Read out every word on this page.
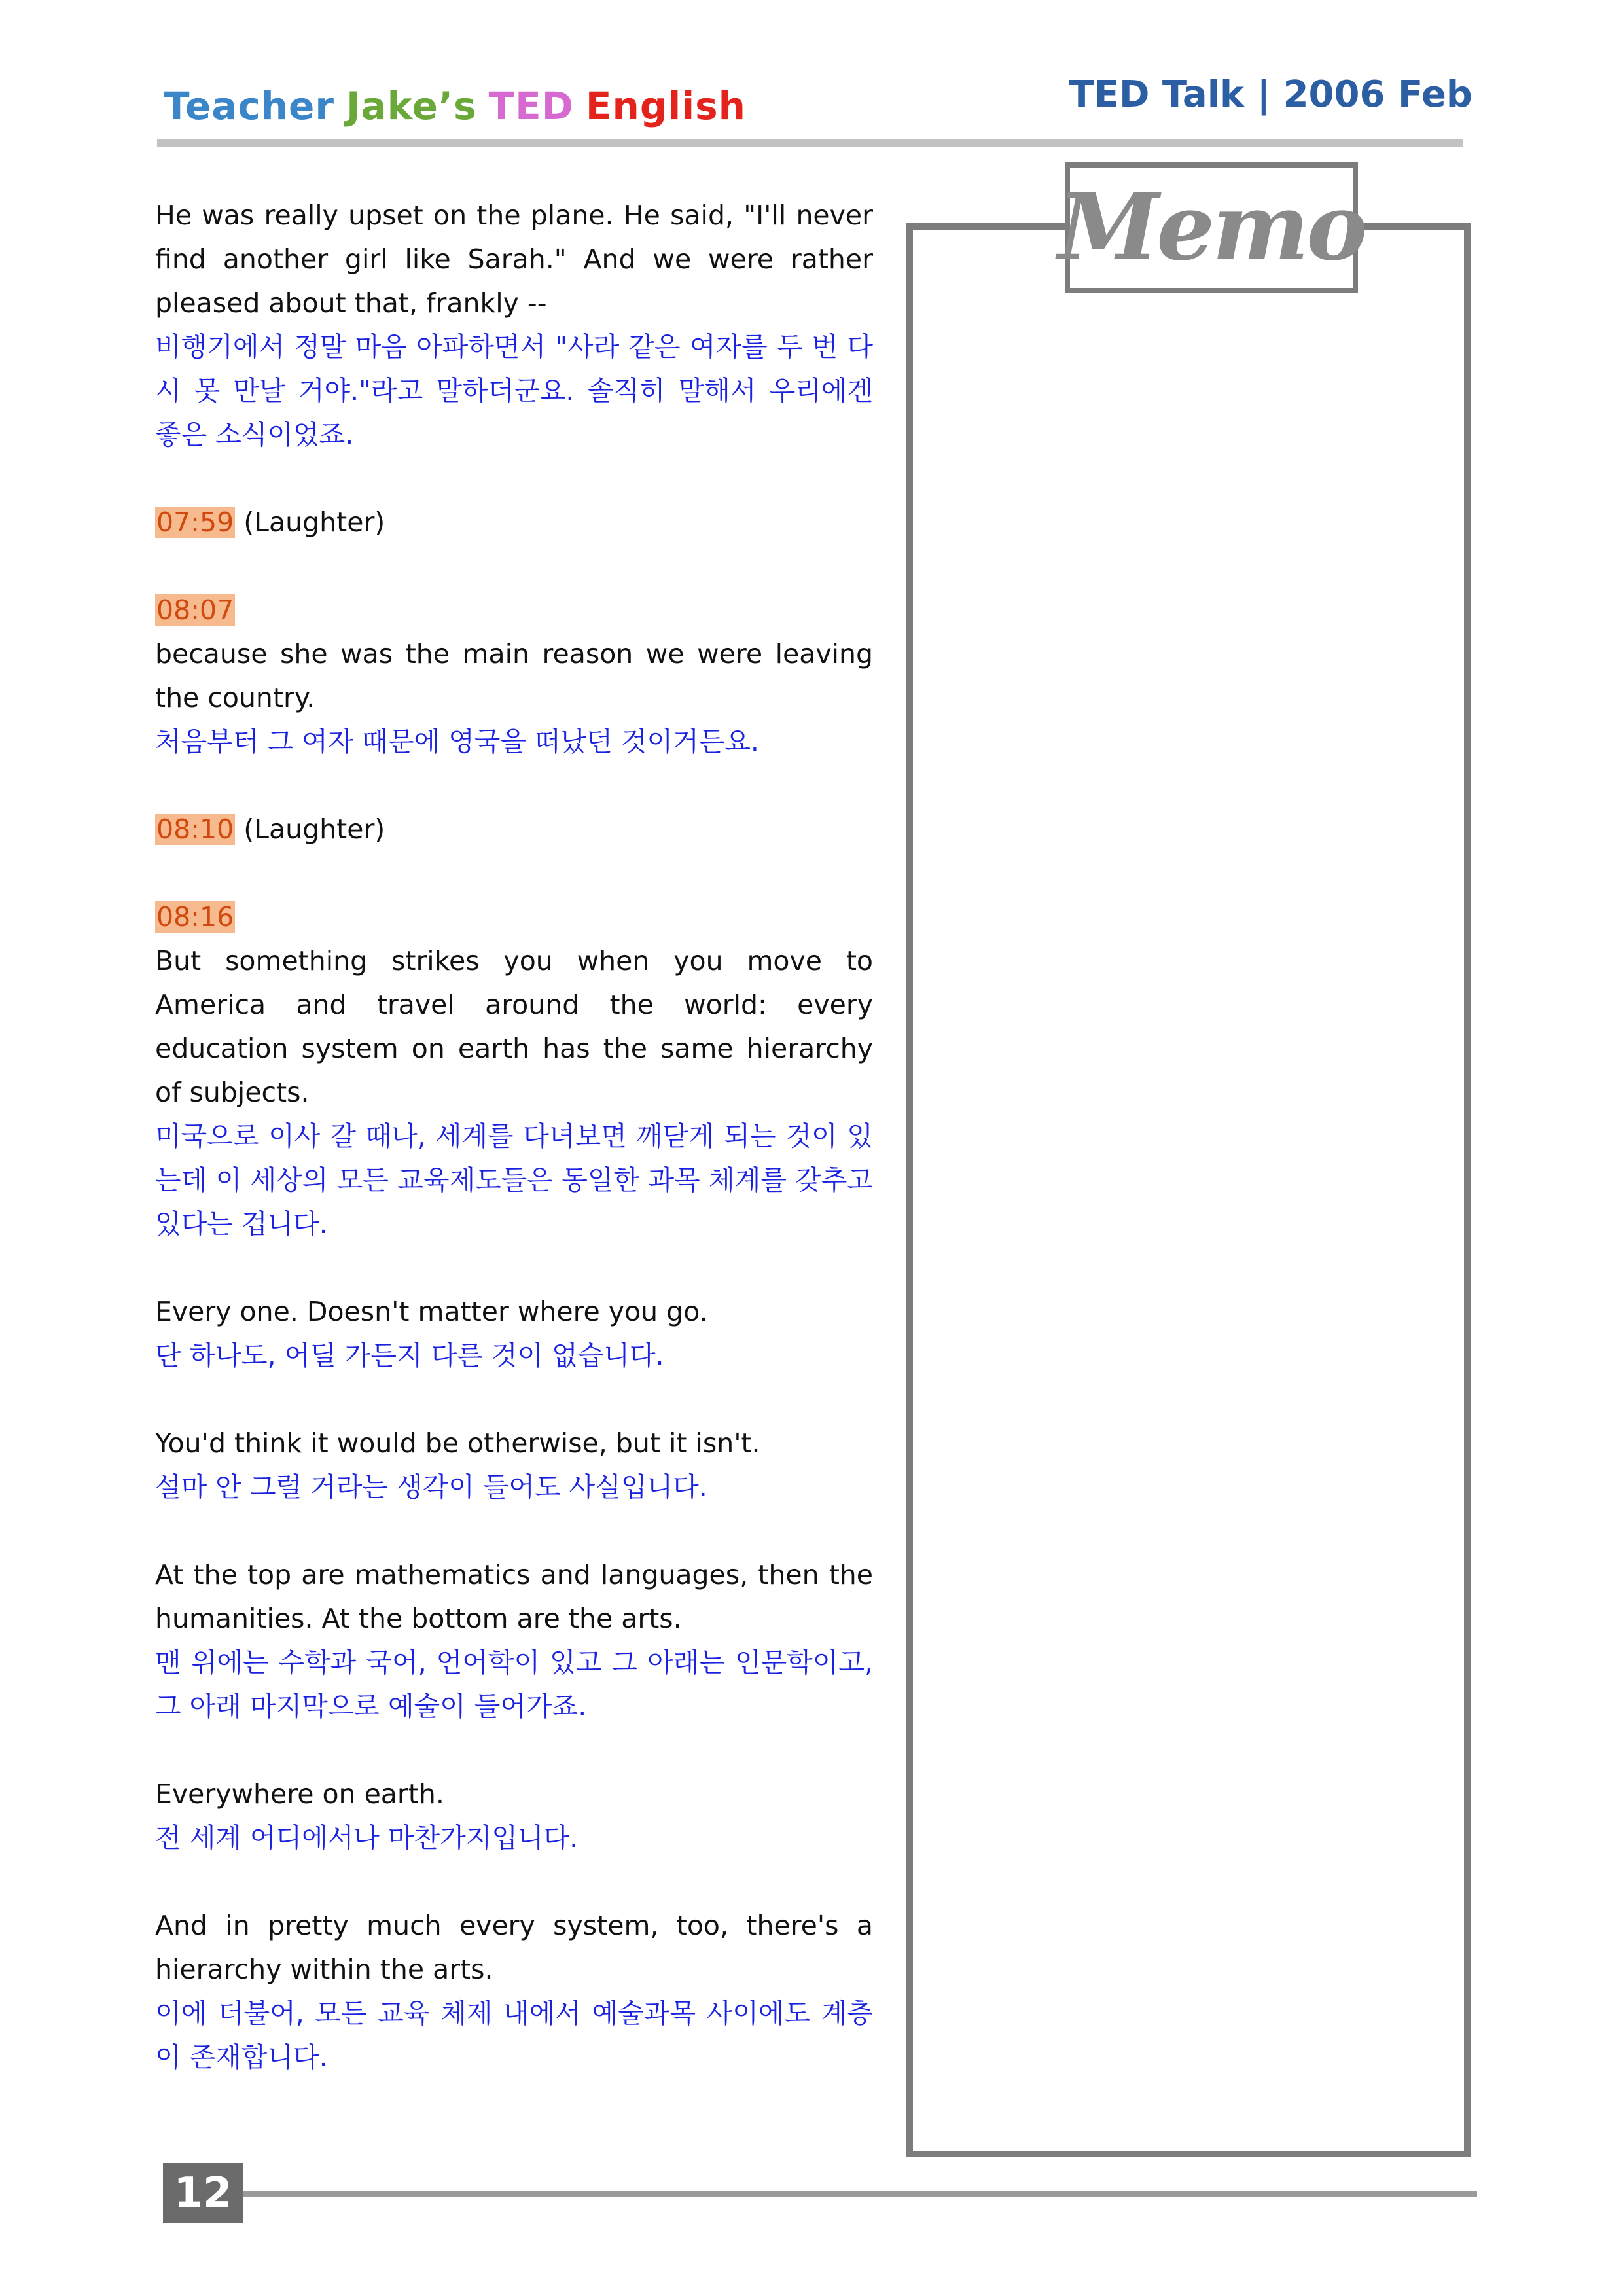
Teacher Jake’s TED English	TED Talk | 2006 Feb

He was really upset on the plane. He said, "I'll never find another girl like Sarah." And we were rather pleased about that, frankly --

비행기에서 정말 마음 아파하면서 "사라 같은 여자를 두 번 다시 못 만날 거야."라고 말하더군요. 솔직히 말해서 우리에겐 좋은 소식이었죠.

07:59 (Laughter)

08:07

because she was the main reason we were leaving the country.

처음부터 그 여자 때문에 영국을 떠났던 것이거든요.

08:10 (Laughter)

08:16

But something strikes you when you move to America and travel around the world: every education system on earth has the same hierarchy of subjects.

미국으로 이사 갈 때나, 세계를 다녀보면 깨닫게 되는 것이 있는데 이 세상의 모든 교육제도들은 동일한 과목 체계를 갖추고 있다는 겁니다.

Every one. Doesn't matter where you go.

단 하나도, 어딜 가든지 다른 것이 없습니다.

You'd think it would be otherwise, but it isn't.

설마 안 그럴 거라는 생각이 들어도 사실입니다.

At the top are mathematics and languages, then the humanities. At the bottom are the arts.

맨 위에는 수학과 국어, 언어학이 있고 그 아래는 인문학이고, 그 아래 마지막으로 예술이 들어가죠.

Everywhere on earth.

전 세계 어디에서나 마찬가지입니다.

And in pretty much every system, too, there's a hierarchy within the arts.

이에 더불어, 모든 교육 체제 내에서 예술과목 사이에도 계층이 존재합니다.

Memo
12
